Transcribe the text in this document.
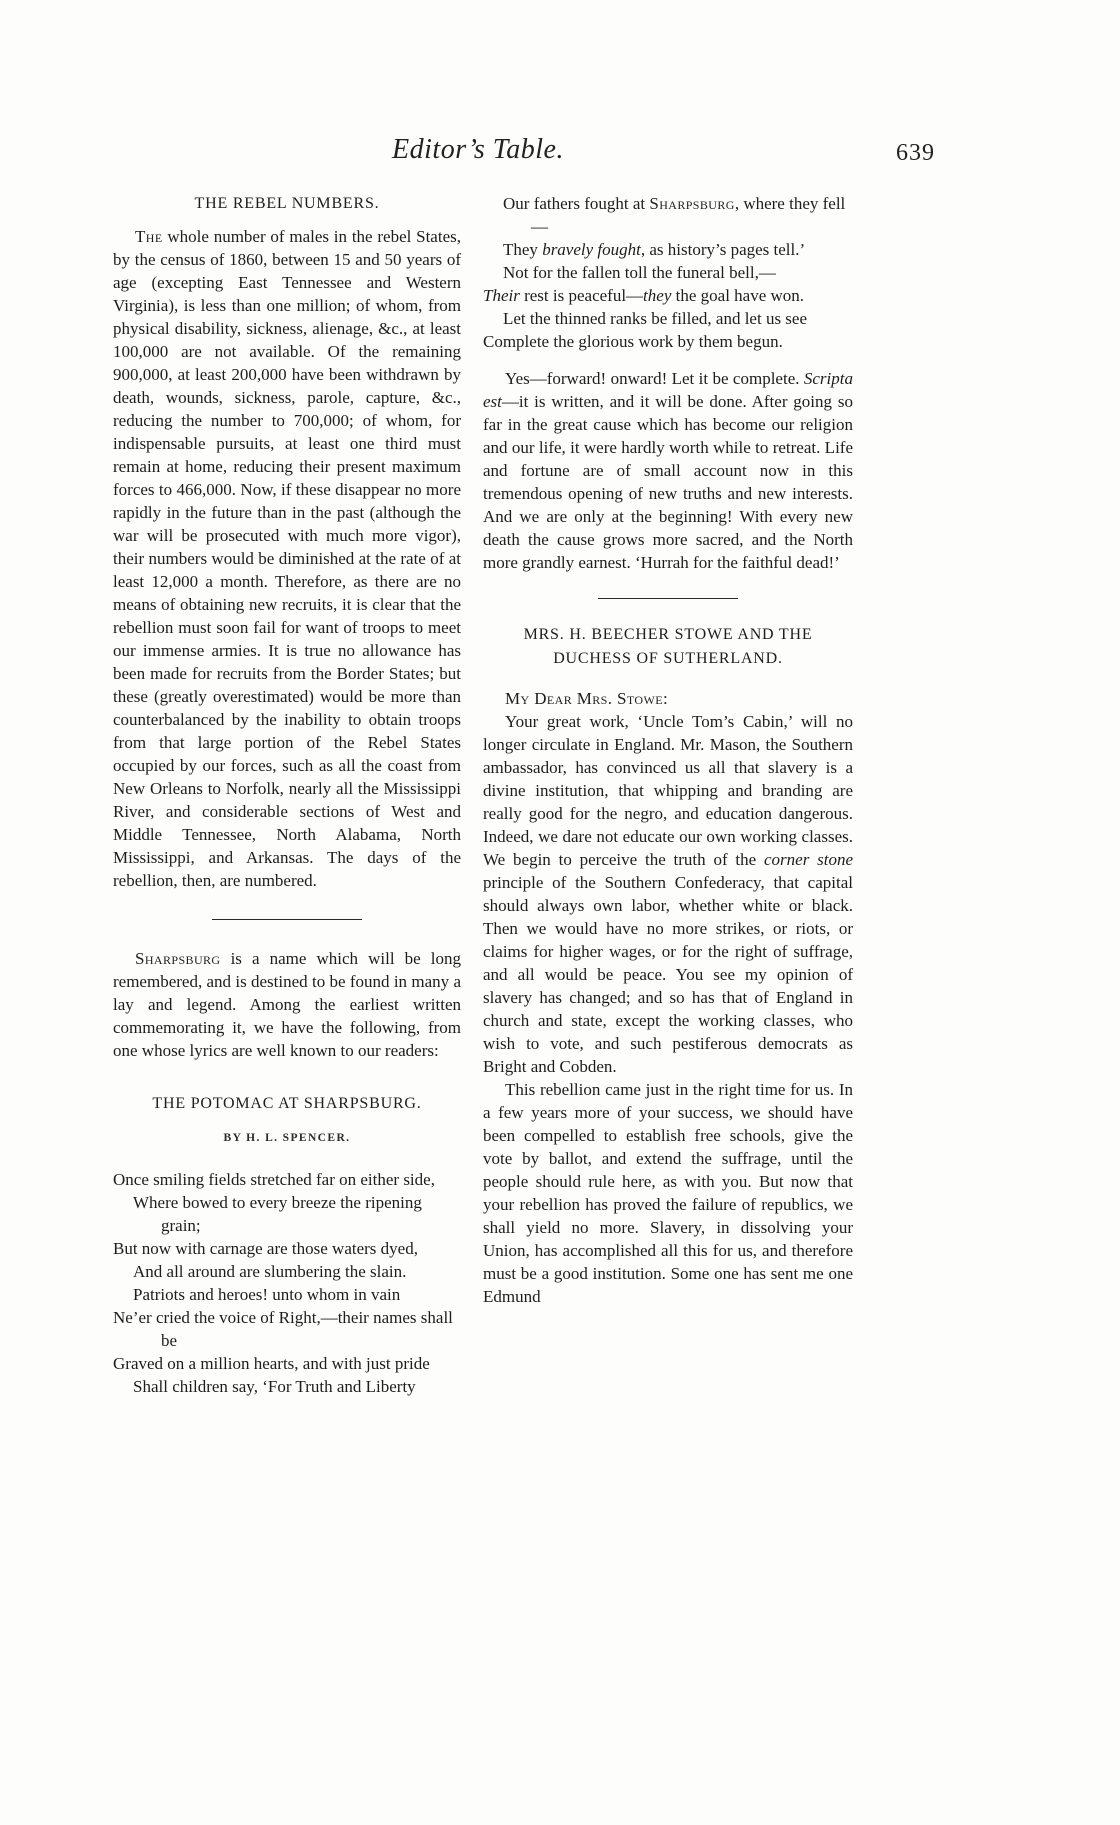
Editor’s Table.	639
THE REBEL NUMBERS.

The whole number of males in the rebel States, by the census of 1860, between 15 and 50 years of age (excepting East Tennessee and Western Virginia), is less than one million; of whom, from physical disability, sickness, alienage, &c., at least 100,000 are not available. Of the remaining 900,000, at least 200,000 have been withdrawn by death, wounds, sickness, parole, capture, &c., reducing the number to 700,000; of whom, for indispensable pursuits, at least one third must remain at home, reducing their present maximum forces to 466,000. Now, if these disappear no more rapidly in the future than in the past (although the war will be prosecuted with much more vigor), their numbers would be diminished at the rate of at least 12,000 a month. Therefore, as there are no means of obtaining new recruits, it is clear that the rebellion must soon fail for want of troops to meet our immense armies. It is true no allowance has been made for recruits from the Border States; but these (greatly overestimated) would be more than counterbalanced by the inability to obtain troops from that large portion of the Rebel States occupied by our forces, such as all the coast from New Orleans to Norfolk, nearly all the Mississippi River, and considerable sections of West and Middle Tennessee, North Alabama, North Mississippi, and Arkansas. The days of the rebellion, then, are numbered.

Sharpsburg is a name which will be long remembered, and is destined to be found in many a lay and legend. Among the earliest written commemorating it, we have the following, from one whose lyrics are well known to our readers:

THE POTOMAC AT SHARPSBURG.
BY H. L. SPENCER.
Once smiling fields stretched far on either side,
Where bowed to every breeze the ripening grain;
But now with carnage are those waters dyed,
And all around are slumbering the slain.
Patriots and heroes! unto whom in vain
Ne’er cried the voice of Right,—their names shall be
Graved on a million hearts, and with just pride
Shall children say, ‘For Truth and Liberty
Our fathers fought at Sharpsburg, where they fell—
They bravely fought, as history’s pages tell.’
Not for the fallen toll the funeral bell,—
Their rest is peaceful—they the goal have won.
Let the thinned ranks be filled, and let us see
Complete the glorious work by them begun.

Yes—forward! onward! Let it be complete. Scripta est—it is written, and it will be done. After going so far in the great cause which has become our religion and our life, it were hardly worth while to retreat. Life and fortune are of small account now in this tremendous opening of new truths and new interests. And we are only at the beginning! With every new death the cause grows more sacred, and the North more grandly earnest. ‘Hurrah for the faithful dead!’

MRS. H. BEECHER STOWE AND THE DUCHESS OF SUTHERLAND.

My Dear Mrs. Stowe:

Your great work, ‘Uncle Tom’s Cabin,’ will no longer circulate in England. Mr. Mason, the Southern ambassador, has convinced us all that slavery is a divine institution, that whipping and branding are really good for the negro, and education dangerous. Indeed, we dare not educate our own working classes. We begin to perceive the truth of the corner stone principle of the Southern Confederacy, that capital should always own labor, whether white or black. Then we would have no more strikes, or riots, or claims for higher wages, or for the right of suffrage, and all would be peace. You see my opinion of slavery has changed; and so has that of England in church and state, except the working classes, who wish to vote, and such pestiferous democrats as Bright and Cobden.

This rebellion came just in the right time for us. In a few years more of your success, we should have been compelled to establish free schools, give the vote by ballot, and extend the suffrage, until the people should rule here, as with you. But now that your rebellion has proved the failure of republics, we shall yield no more. Slavery, in dissolving your Union, has accomplished all this for us, and therefore must be a good institution. Some one has sent me one Edmund
